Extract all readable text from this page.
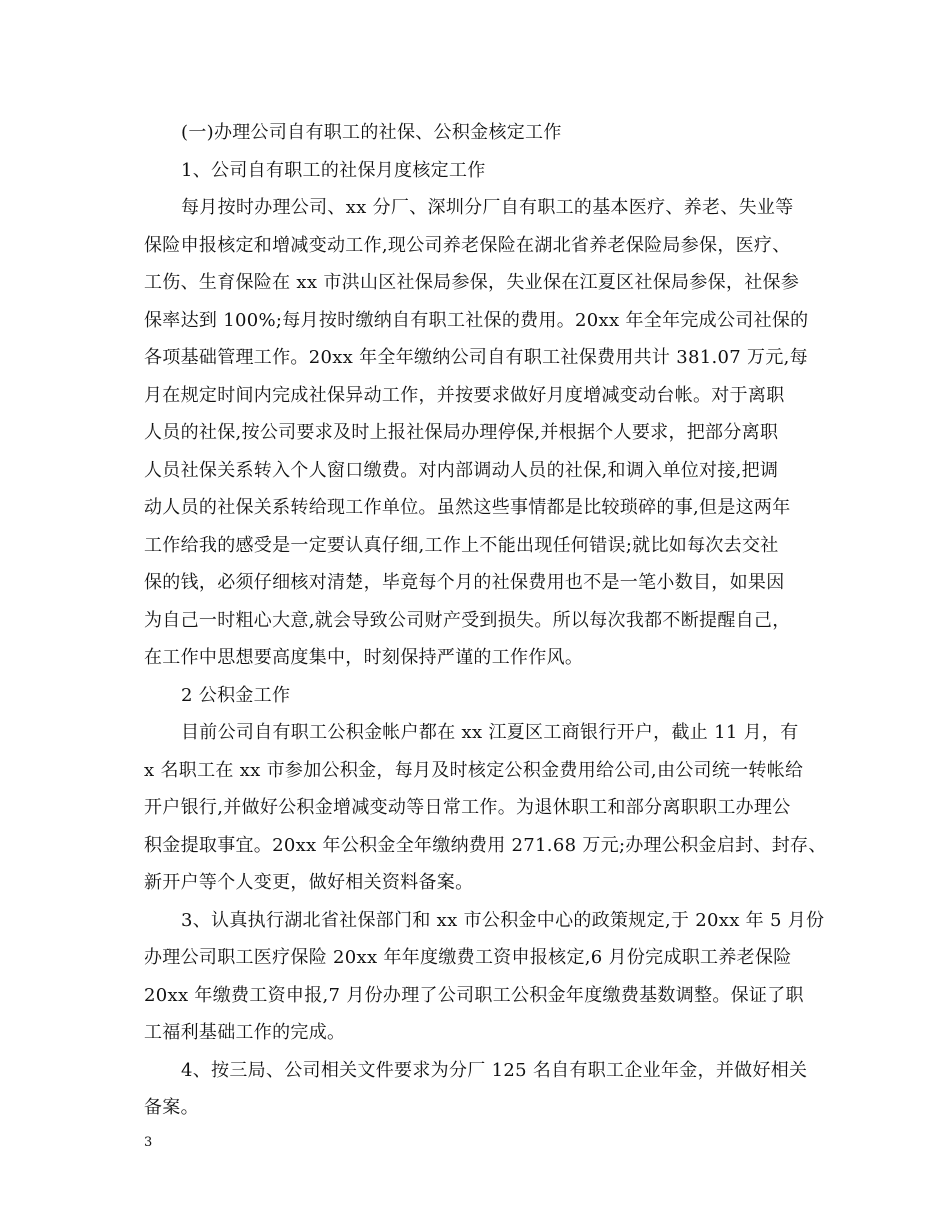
(一)办理公司自有职工的社保、公积金核定工作
1、公司自有职工的社保月度核定工作
每月按时办理公司、xx 分厂、深圳分厂自有职工的基本医疗、养老、失业等
保险申报核定和增减变动工作,现公司养老保险在湖北省养老保险局参保，医疗、
工伤、生育保险在 xx 市洪山区社保局参保，失业保在江夏区社保局参保，社保参
保率达到 100%;每月按时缴纳自有职工社保的费用。20xx 年全年完成公司社保的
各项基础管理工作。20xx 年全年缴纳公司自有职工社保费用共计 381.07 万元,每
月在规定时间内完成社保异动工作，并按要求做好月度增减变动台帐。对于离职
人员的社保,按公司要求及时上报社保局办理停保,并根据个人要求，把部分离职
人员社保关系转入个人窗口缴费。对内部调动人员的社保,和调入单位对接,把调
动人员的社保关系转给现工作单位。虽然这些事情都是比较琐碎的事,但是这两年
工作给我的感受是一定要认真仔细,工作上不能出现任何错误;就比如每次去交社
保的钱，必须仔细核对清楚，毕竟每个月的社保费用也不是一笔小数目，如果因
为自己一时粗心大意,就会导致公司财产受到损失。所以每次我都不断提醒自己，
在工作中思想要高度集中，时刻保持严谨的工作作风。
2 公积金工作
目前公司自有职工公积金帐户都在 xx 江夏区工商银行开户，截止 11 月，有
x 名职工在 xx 市参加公积金，每月及时核定公积金费用给公司,由公司统一转帐给
开户银行,并做好公积金增减变动等日常工作。为退休职工和部分离职职工办理公
积金提取事宜。20xx 年公积金全年缴纳费用 271.68 万元;办理公积金启封、封存、
新开户等个人变更，做好相关资料备案。
3、认真执行湖北省社保部门和 xx 市公积金中心的政策规定,于 20xx 年 5 月份
办理公司职工医疗保险 20xx 年年度缴费工资申报核定,6 月份完成职工养老保险
20xx 年缴费工资申报,7 月份办理了公司职工公积金年度缴费基数调整。保证了职
工福利基础工作的完成。
4、按三局、公司相关文件要求为分厂 125 名自有职工企业年金，并做好相关
备案。
3
